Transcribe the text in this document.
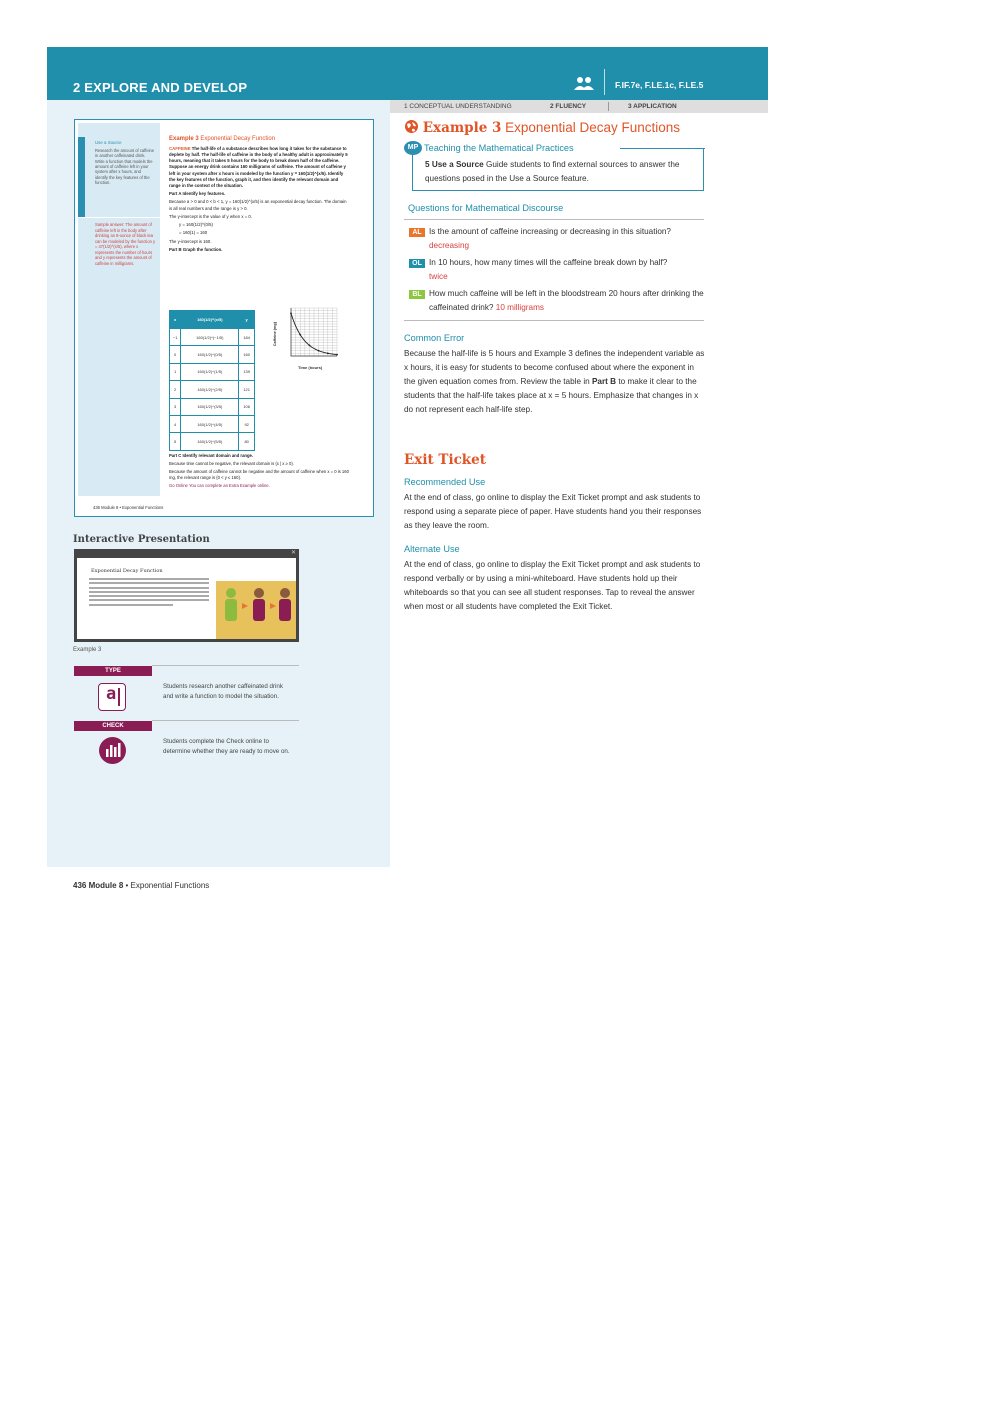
2 EXPLORE AND DEVELOP	F.IF.7e, F.LE.1c, F.LE.5
1 CONCEPTUAL UNDERSTANDING	2 FLUENCY	3 APPLICATION
Use a Source
Research the amount of caffeine in another caffeinated drink. Write a function that models the amount of caffeine left in your system after x hours, and identify the key features of the function.
Sample answer: The amount of caffeine left in the body after drinking an 8-ounce of black tea can be modeled by the function y = 47(1/2)^(x/5), where x represents the number of hours and y represents the amount of caffeine in milligrams.
Example 3 Exponential Decay Function

CAFFEINE The half-life of a substance describes how long it takes for the substance to deplete by half. The half-life of caffeine in the body of a healthy adult is approximately 5 hours, meaning that it takes 5 hours for the body to break down half of the caffeine. Suppose an energy drink contains 160 milligrams of caffeine. The amount of caffeine y left in your system after x hours is modeled by the function y = 160(1/2)^(x/5). Identify the key features of the function, graph it, and then identify the relevant domain and range in the context of the situation.

Part A Identify key features.

Because a > 0 and 0 < b < 1, y = 160(1/2)^(x/5) is an exponential decay function. The domain is all real numbers and the range is y > 0.

The y-intercept is the value of y when x = 0.

y = 160(1/2)^(0/5)

= 160(1) = 160

The y-intercept is 160.

Part B Graph the function.

x	160(1/2)^(x/5)	y
−1	160(1/2)^(−1/5)	184
0	160(1/2)^(0/5)	160
1	160(1/2)^(1/5)	139
2	160(1/2)^(2/5)	121
3	160(1/2)^(3/5)	106
4	160(1/2)^(4/5)	92
5	160(1/2)^(5/5)	80
Caffeine (mg)
Time (hours)

Part C Identify relevant domain and range.

Because time cannot be negative, the relevant domain is {x | x ≥ 0}.

Because the amount of caffeine cannot be negative and the amount of caffeine when x = 0 is 160 mg, the relevant range is {0 < y ≤ 160}.

Go Online You can complete an Extra Example online.

436 Module 8 • Exponential Functions
Interactive Presentation
✕
Exponential Decay Function
Example 3
TYPE
a	Students research another caffeinated drink and write a function to model the situation.
CHECK
Students complete the Check online to determine whether they are ready to move on.
436 Module 8 • Exponential Functions
Example 3 Exponential Decay Functions
MP Teaching the Mathematical Practices
5 Use a Source Guide students to find external sources to answer the questions posed in the Use a Source feature.
Questions for Mathematical Discourse
AL Is the amount of caffeine increasing or decreasing in this situation?
decreasing
OL In 10 hours, how many times will the caffeine break down by half?
twice
BL How much caffeine will be left in the bloodstream 20 hours after drinking the caffeinated drink? 10 milligrams
Common Error
Because the half-life is 5 hours and Example 3 defines the independent variable as x hours, it is easy for students to become confused about where the exponent in the given equation comes from. Review the table in Part B to make it clear to the students that the half-life takes place at x = 5 hours. Emphasize that changes in x do not represent each half-life step.
Exit Ticket
Recommended Use
At the end of class, go online to display the Exit Ticket prompt and ask students to respond using a separate piece of paper. Have students hand you their responses as they leave the room.
Alternate Use
At the end of class, go online to display the Exit Ticket prompt and ask students to respond verbally or by using a mini-whiteboard. Have students hold up their whiteboards so that you can see all student responses. Tap to reveal the answer when most or all students have completed the Exit Ticket.
